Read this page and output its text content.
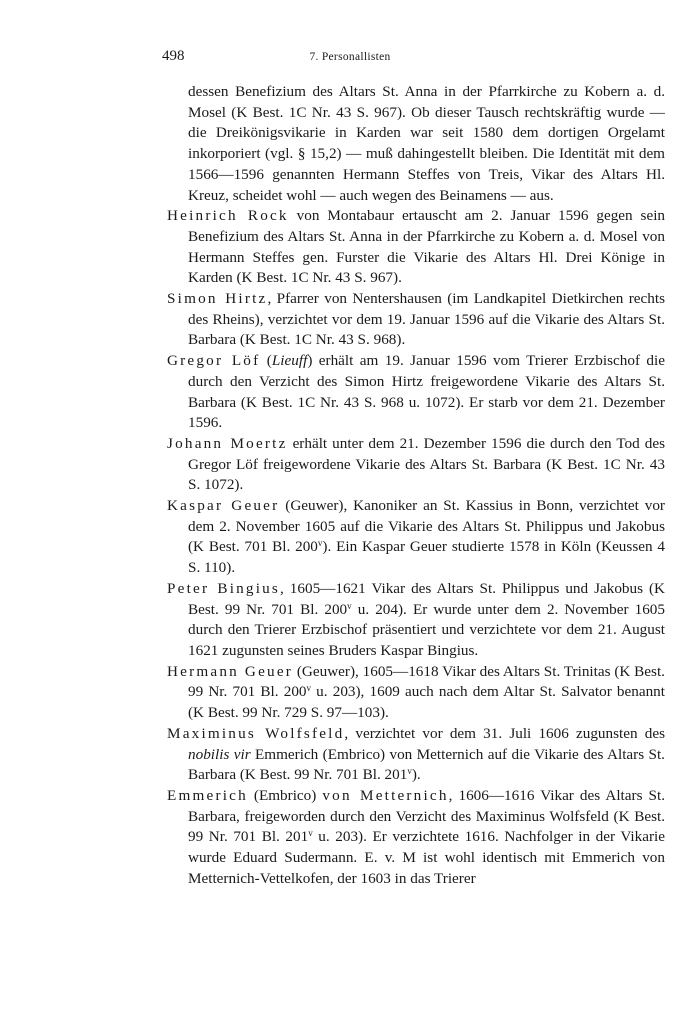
498	7. Personallisten

dessen Benefizium des Altars St. Anna in der Pfarrkirche zu Kobern a. d. Mosel (K Best. 1C Nr. 43 S. 967). Ob dieser Tausch rechtskräftig wurde — die Dreikönigsvikarie in Karden war seit 1580 dem dortigen Orgelamt inkorporiert (vgl. § 15,2) — muß dahingestellt bleiben. Die Identität mit dem 1566—1596 genannten Hermann Steffes von Treis, Vikar des Altars Hl. Kreuz, scheidet wohl — auch wegen des Beinamens — aus.

Heinrich Rock von Montabaur ertauscht am 2. Januar 1596 gegen sein Benefizium des Altars St. Anna in der Pfarrkirche zu Kobern a. d. Mosel von Hermann Steffes gen. Furster die Vikarie des Altars Hl. Drei Könige in Karden (K Best. 1C Nr. 43 S. 967).

Simon Hirtz, Pfarrer von Nentershausen (im Landkapitel Dietkirchen rechts des Rheins), verzichtet vor dem 19. Januar 1596 auf die Vikarie des Altars St. Barbara (K Best. 1C Nr. 43 S. 968).

Gregor Löf (Lieuff) erhält am 19. Januar 1596 vom Trierer Erzbischof die durch den Verzicht des Simon Hirtz freigewordene Vikarie des Altars St. Barbara (K Best. 1C Nr. 43 S. 968 u. 1072). Er starb vor dem 21. Dezember 1596.

Johann Moertz erhält unter dem 21. Dezember 1596 die durch den Tod des Gregor Löf freigewordene Vikarie des Altars St. Barbara (K Best. 1C Nr. 43 S. 1072).

Kaspar Geuer (Geuwer), Kanoniker an St. Kassius in Bonn, verzichtet vor dem 2. November 1605 auf die Vikarie des Altars St. Philippus und Jakobus (K Best. 701 Bl. 200$^v$). Ein Kaspar Geuer studierte 1578 in Köln (Keussen 4 S. 110).

Peter Bingius, 1605—1621 Vikar des Altars St. Philippus und Jakobus (K Best. 99 Nr. 701 Bl. 200$^v$ u. 204). Er wurde unter dem 2. November 1605 durch den Trierer Erzbischof präsentiert und verzichtete vor dem 21. August 1621 zugunsten seines Bruders Kaspar Bingius.

Hermann Geuer (Geuwer), 1605—1618 Vikar des Altars St. Trinitas (K Best. 99 Nr. 701 Bl. 200$^v$ u. 203), 1609 auch nach dem Altar St. Salvator benannt (K Best. 99 Nr. 729 S. 97—103).

Maximinus Wolfsfeld, verzichtet vor dem 31. Juli 1606 zugunsten des nobilis vir Emmerich (Embrico) von Metternich auf die Vikarie des Altars St. Barbara (K Best. 99 Nr. 701 Bl. 201$^v$).

Emmerich (Embrico) von Metternich, 1606—1616 Vikar des Altars St. Barbara, freigeworden durch den Verzicht des Maximinus Wolfsfeld (K Best. 99 Nr. 701 Bl. 201$^v$ u. 203). Er verzichtete 1616. Nachfolger in der Vikarie wurde Eduard Sudermann. E. v. M ist wohl identisch mit Emmerich von Metternich-Vettelkofen, der 1603 in das Trierer
